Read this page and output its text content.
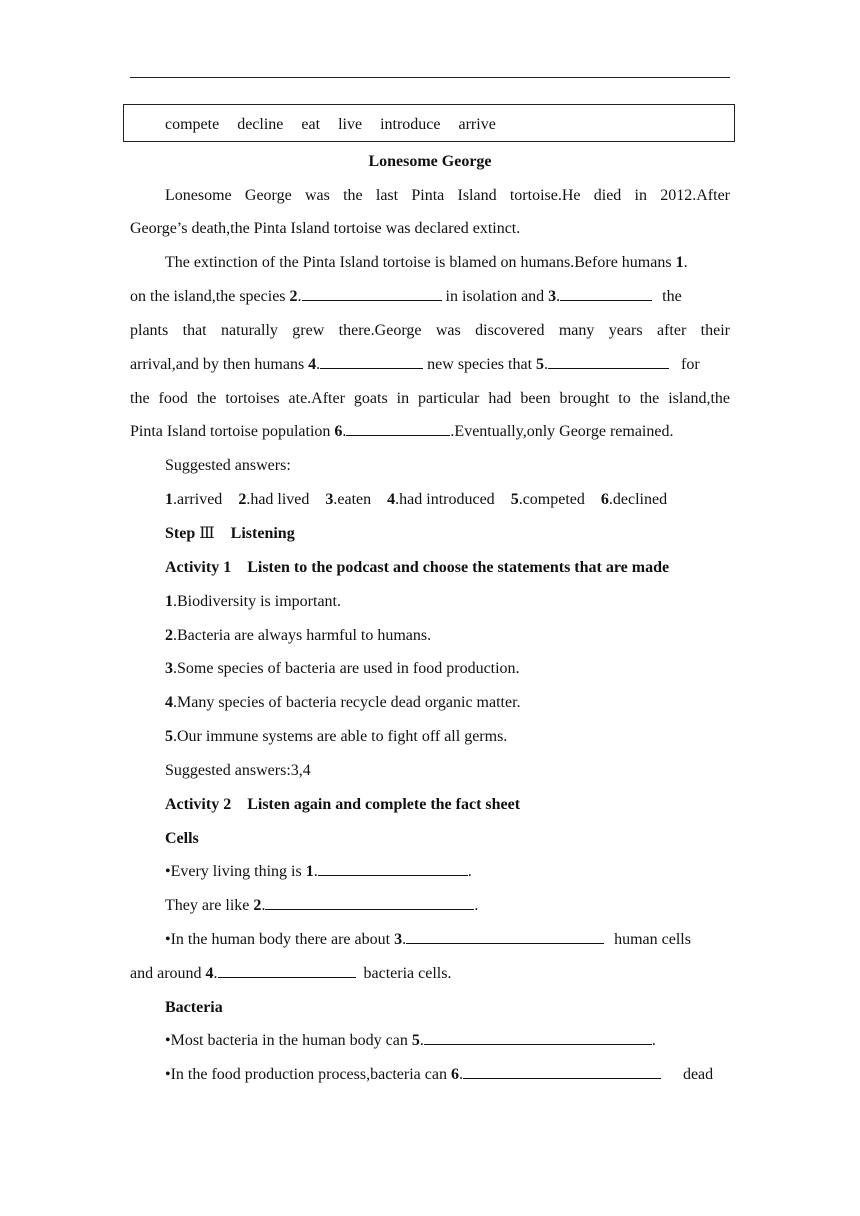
compete decline eat live introduce arrive
Lonesome George
Lonesome George was the last Pinta Island tortoise.He died in 2012.After
George’s death,the Pinta Island tortoise was declared extinct.
The extinction of the Pinta Island tortoise is blamed on humans.Before humans 1.
on the island,the species 2.	in isolation and 3.	the
plants that naturally grew there.George was discovered many years after their
arrival,and by then humans 4.	new species that 5.	for
the food the tortoises ate.After goats in particular had been brought to the island,the
Pinta Island tortoise population 6.	.Eventually,only George remained.
Suggested answers:
1.arrived  2.had lived  3.eaten  4.had introduced  5.competed  6.declined
Step Ⅲ  Listening
Activity 1　Listen to the podcast and choose the statements that are made
1.Biodiversity is important.
2.Bacteria are always harmful to humans.
3.Some species of bacteria are used in food production.
4.Many species of bacteria recycle dead organic matter.
5.Our immune systems are able to fight off all germs.
Suggested answers:3,4
Activity 2　Listen again and complete the fact sheet
Cells
•Every living thing is 1.	.
They are like 2.	.
•In the human body there are about 3.	human cells
and around 4.	bacteria cells.
Bacteria
•Most bacteria in the human body can 5.	.
•In the food production process,bacteria can 6.	dead
